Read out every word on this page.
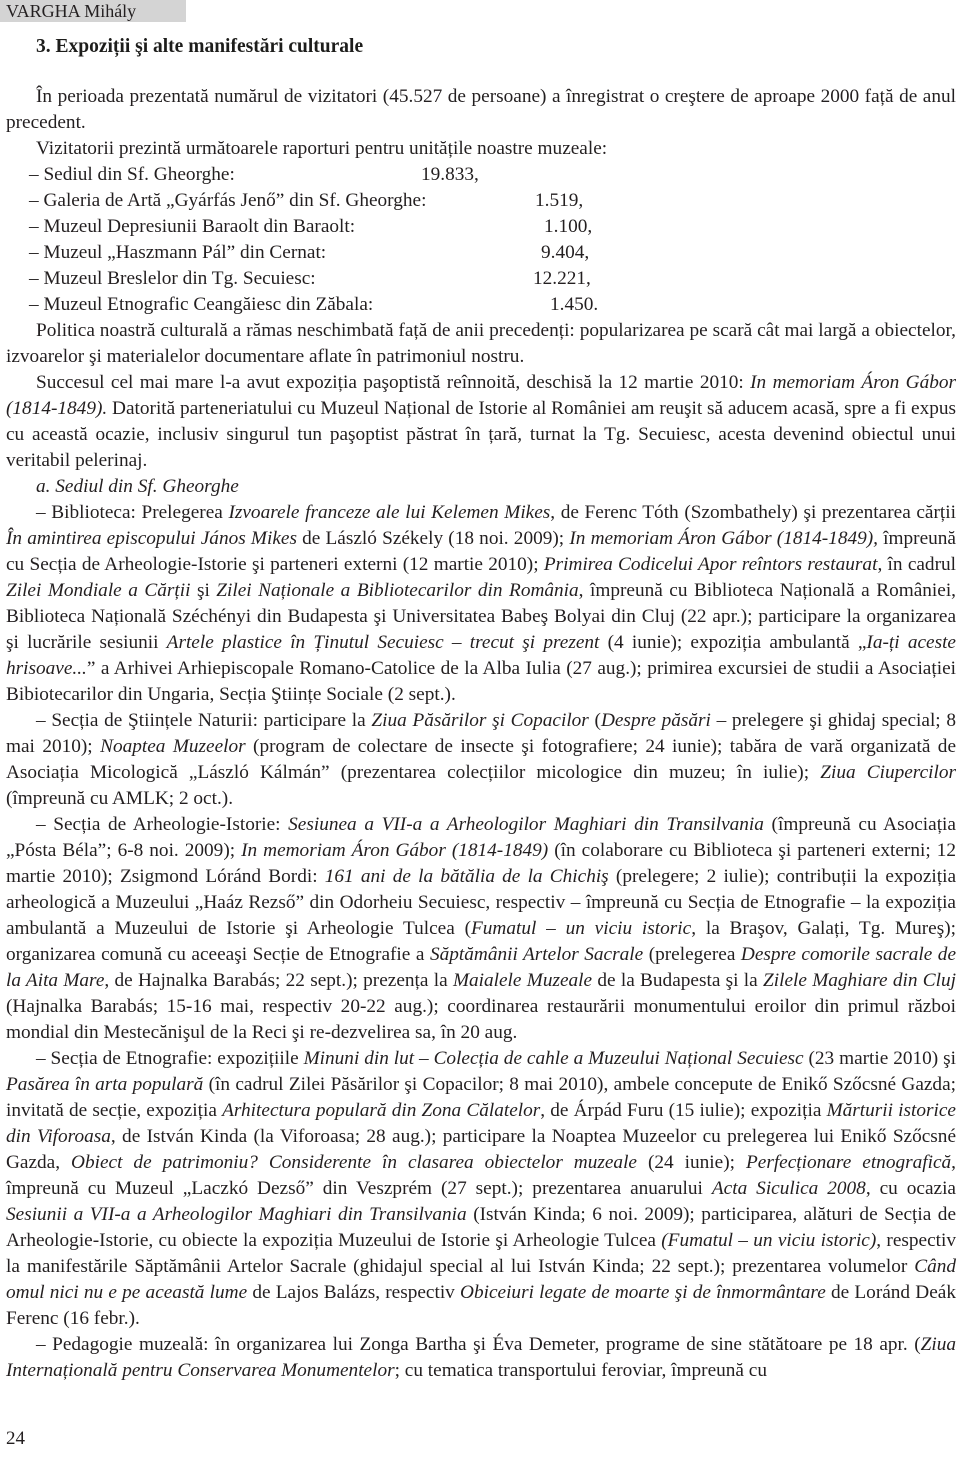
VARGHA Mihály
3. Expoziții şi alte manifestări culturale

În perioada prezentată numărul de vizitatori (45.527 de persoane) a înregistrat o creştere de aproape 2000 față de anul precedent.

Vizitatorii prezintă următoarele raporturi pentru unitățile noastre muzeale:

– Sediul din Sf. Gheorghe:	19.833,
– Galeria de Artă „Gyárfás Jenő” din Sf. Gheorghe:	1.519,
– Muzeul Depresiunii Baraolt din Baraolt:	1.100,
– Muzeul „Haszmann Pál” din Cernat:	9.404,
– Muzeul Breslelor din Tg. Secuiesc:	12.221,
– Muzeul Etnografic Ceangăiesc din Zăbala:	1.450.

Politica noastră culturală a rămas neschimbată față de anii precedenți: popularizarea pe scară cât mai largă a obiectelor, izvoarelor şi materialelor documentare aflate în patrimoniul nostru.

Succesul cel mai mare l-a avut expoziția paşoptistă reînnoită, deschisă la 12 martie 2010: In memoriam Áron Gábor (1814-1849). Datorită parteneriatului cu Muzeul Național de Istorie al României am reuşit să aducem acasă, spre a fi expus cu această ocazie, inclusiv singurul tun paşoptist păstrat în țară, turnat la Tg. Secuiesc, acesta devenind obiectul unui veritabil pelerinaj.

a. Sediul din Sf. Gheorghe

– Biblioteca: Prelegerea Izvoarele franceze ale lui Kelemen Mikes, de Ferenc Tóth (Szombathely) şi prezentarea cărții În amintirea episcopului János Mikes de László Székely (18 noi. 2009); In memoriam Áron Gábor (1814-1849), împreună cu Secția de Arheologie-Istorie şi parteneri externi (12 martie 2010); Primirea Codicelui Apor reîntors restaurat, în cadrul Zilei Mondiale a Cărții şi Zilei Naționale a Bibliotecarilor din România, împreună cu Biblioteca Națională a României, Biblioteca Națională Széchényi din Budapesta şi Universitatea Babeş Bolyai din Cluj (22 apr.); participare la organizarea şi lucrările sesiunii Artele plastice în Ținutul Secuiesc – trecut şi prezent (4 iunie); expoziția ambulantă „Ia-ți aceste hrisoave...” a Arhivei Arhiepiscopale Romano-Catolice de la Alba Iulia (27 aug.); primirea excursiei de studii a Asociației Bibiotecarilor din Ungaria, Secția Ştiințe Sociale (2 sept.).

– Secția de Ştiințele Naturii: participare la Ziua Păsărilor şi Copacilor (Despre păsări – prelegere şi ghidaj special; 8 mai 2010); Noaptea Muzeelor (program de colectare de insecte şi fotografiere; 24 iunie); tabăra de vară organizată de Asociația Micologică „László Kálmán” (prezentarea colecțiilor micologice din muzeu; în iulie); Ziua Ciupercilor (împreună cu AMLK; 2 oct.).

– Secția de Arheologie-Istorie: Sesiunea a VII-a a Arheologilor Maghiari din Transilvania (împreună cu Asociația „Pósta Béla”; 6-8 noi. 2009); In memoriam Áron Gábor (1814-1849) (în colaborare cu Biblioteca şi parteneri externi; 12 martie 2010); Zsigmond Lóránd Bordi: 161 ani de la bătălia de la Chichiş (prelegere; 2 iulie); contribuții la expoziția arheologică a Muzeului „Haáz Rezső” din Odorheiu Secuiesc, respectiv – împreună cu Secția de Etnografie – la expoziția ambulantă a Muzeului de Istorie şi Arheologie Tulcea (Fumatul – un viciu istoric, la Braşov, Galați, Tg. Mureş); organizarea comună cu aceeaşi Secție de Etnografie a Săptămânii Artelor Sacrale (prelegerea Despre comorile sacrale de la Aita Mare, de Hajnalka Barabás; 22 sept.); prezența la Maialele Muzeale de la Budapesta şi la Zilele Maghiare din Cluj (Hajnalka Barabás; 15-16 mai, respectiv 20-22 aug.); coordinarea restaurării monumentului eroilor din primul război mondial din Mestecănişul de la Reci şi re-dezvelirea sa, în 20 aug.

– Secția de Etnografie: expozițiile Minuni din lut – Colecția de cahle a Muzeului Național Secuiesc (23 martie 2010) şi Pasărea în arta populară (în cadrul Zilei Păsărilor şi Copacilor; 8 mai 2010), ambele concepute de Enikő Szőcsné Gazda; invitată de secție, expoziția Arhitectura populară din Zona Călatelor, de Árpád Furu (15 iulie); expoziția Mărturii istorice din Viforoasa, de István Kinda (la Viforoasa; 28 aug.); participare la Noaptea Muzeelor cu prelegerea lui Enikő Szőcsné Gazda, Obiect de patrimoniu? Considerente în clasarea obiectelor muzeale (24 iunie); Perfecționare etnografică, împreună cu Muzeul „Laczkó Dezső” din Veszprém (27 sept.); prezentarea anuarului Acta Siculica 2008, cu ocazia Sesiunii a VII-a a Arheologilor Maghiari din Transilvania (István Kinda; 6 noi. 2009); participarea, alături de Secția de Arheologie-Istorie, cu obiecte la expoziția Muzeului de Istorie şi Arheologie Tulcea (Fumatul – un viciu istoric), respectiv la manifestările Săptămânii Artelor Sacrale (ghidajul special al lui István Kinda; 22 sept.); prezentarea volumelor Când omul nici nu e pe această lume de Lajos Balázs, respectiv Obiceiuri legate de moarte şi de înmormântare de Loránd Deák Ferenc (16 febr.).

– Pedagogie muzeală: în organizarea lui Zonga Bartha şi Éva Demeter, programe de sine stătătoare pe 18 apr. (Ziua Internațională pentru Conservarea Monumentelor; cu tematica transportului feroviar, împreună cu

24
